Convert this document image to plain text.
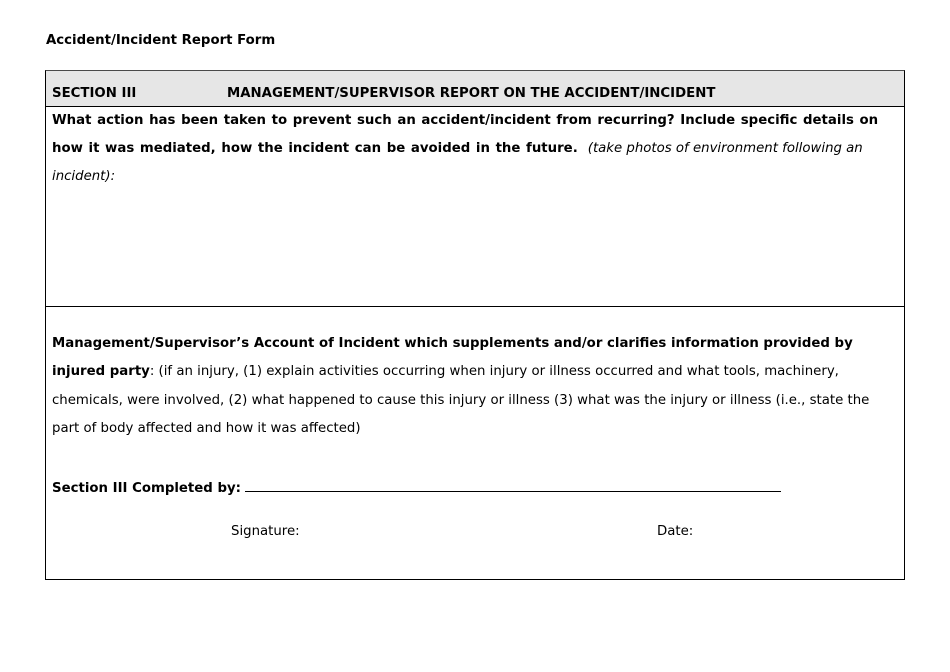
Accident/Incident Report Form
SECTION III	MANAGEMENT/SUPERVISOR REPORT ON THE ACCIDENT/INCIDENT
What action has been taken to prevent such an accident/incident from recurring? Include specific details on how it was mediated, how the incident can be avoided in the future. (take photos of environment following an incident):
Management/Supervisor’s Account of Incident which supplements and/or clarifies information provided by injured party: (if an injury, (1) explain activities occurring when injury or illness occurred and what tools, machinery, chemicals, were involved, (2) what happened to cause this injury or illness (3) what was the injury or illness (i.e., state the part of body affected and how it was affected)
Section III Completed by:
Signature:	Date:
